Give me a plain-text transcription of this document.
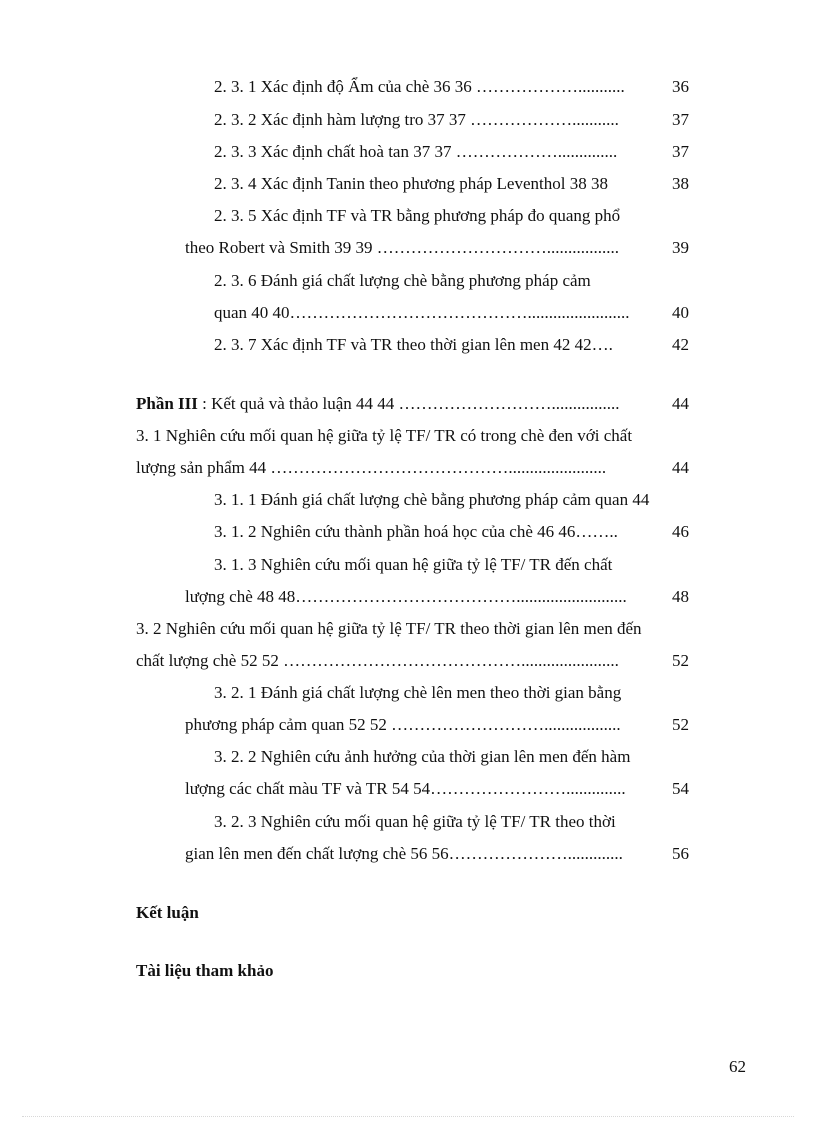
2. 3. 1 Xác định độ Ẩm của chè 36 36 ………………...........	36
2. 3. 2 Xác định hàm lượng tro 37 37 ………………...........	37
2. 3. 3 Xác định chất hoà tan 37 37 ………………..............	37
2. 3. 4 Xác định Tanin theo phương pháp Leventhol 38 38	38
2. 3. 5 Xác định TF và TR bằng phương pháp đo quang phổ
theo Robert và Smith 39 39 ………………………….................	39
2. 3. 6 Đánh giá chất lượng chè bằng phương pháp cảm
quan 40 40……………………………………........................ 40
2. 3. 7 Xác định TF và TR theo thời gian lên men 42 42….	42
Phần III : Kết quả và thảo luận 44 44 ………………………................	44
3. 1 Nghiên cứu mối quan hệ giữa tỷ lệ TF/ TR có trong chè đen với chất
lượng sản phẩm 44 …………………………………….......................	44
3. 1. 1 Đánh giá chất lượng chè bằng phương pháp cảm quan 44
3. 1. 2 Nghiên cứu thành phần hoá học của chè 46 46……..	46
3. 1. 3 Nghiên cứu mối quan hệ giữa tỷ lệ TF/ TR đến chất
lượng chè 48 48…………………………………..........................	48
3. 2 Nghiên cứu mối quan hệ giữa tỷ lệ TF/ TR theo thời gian lên men đến
chất lượng chè 52 52 …………………………………….......................	52
3. 2. 1 Đánh giá chất lượng chè lên men theo thời gian bằng
phương pháp cảm quan 52 52 ………………………..................	52
3. 2. 2 Nghiên cứu ảnh hưởng của thời gian lên men đến hàm
lượng các chất màu TF và TR 54 54……………………..............	54
3. 2. 3 Nghiên cứu mối quan hệ giữa tỷ lệ TF/ TR theo thời
gian lên men đến chất lượng chè 56 56………………….............	56
Kết luận
Tài liệu tham khảo
62
